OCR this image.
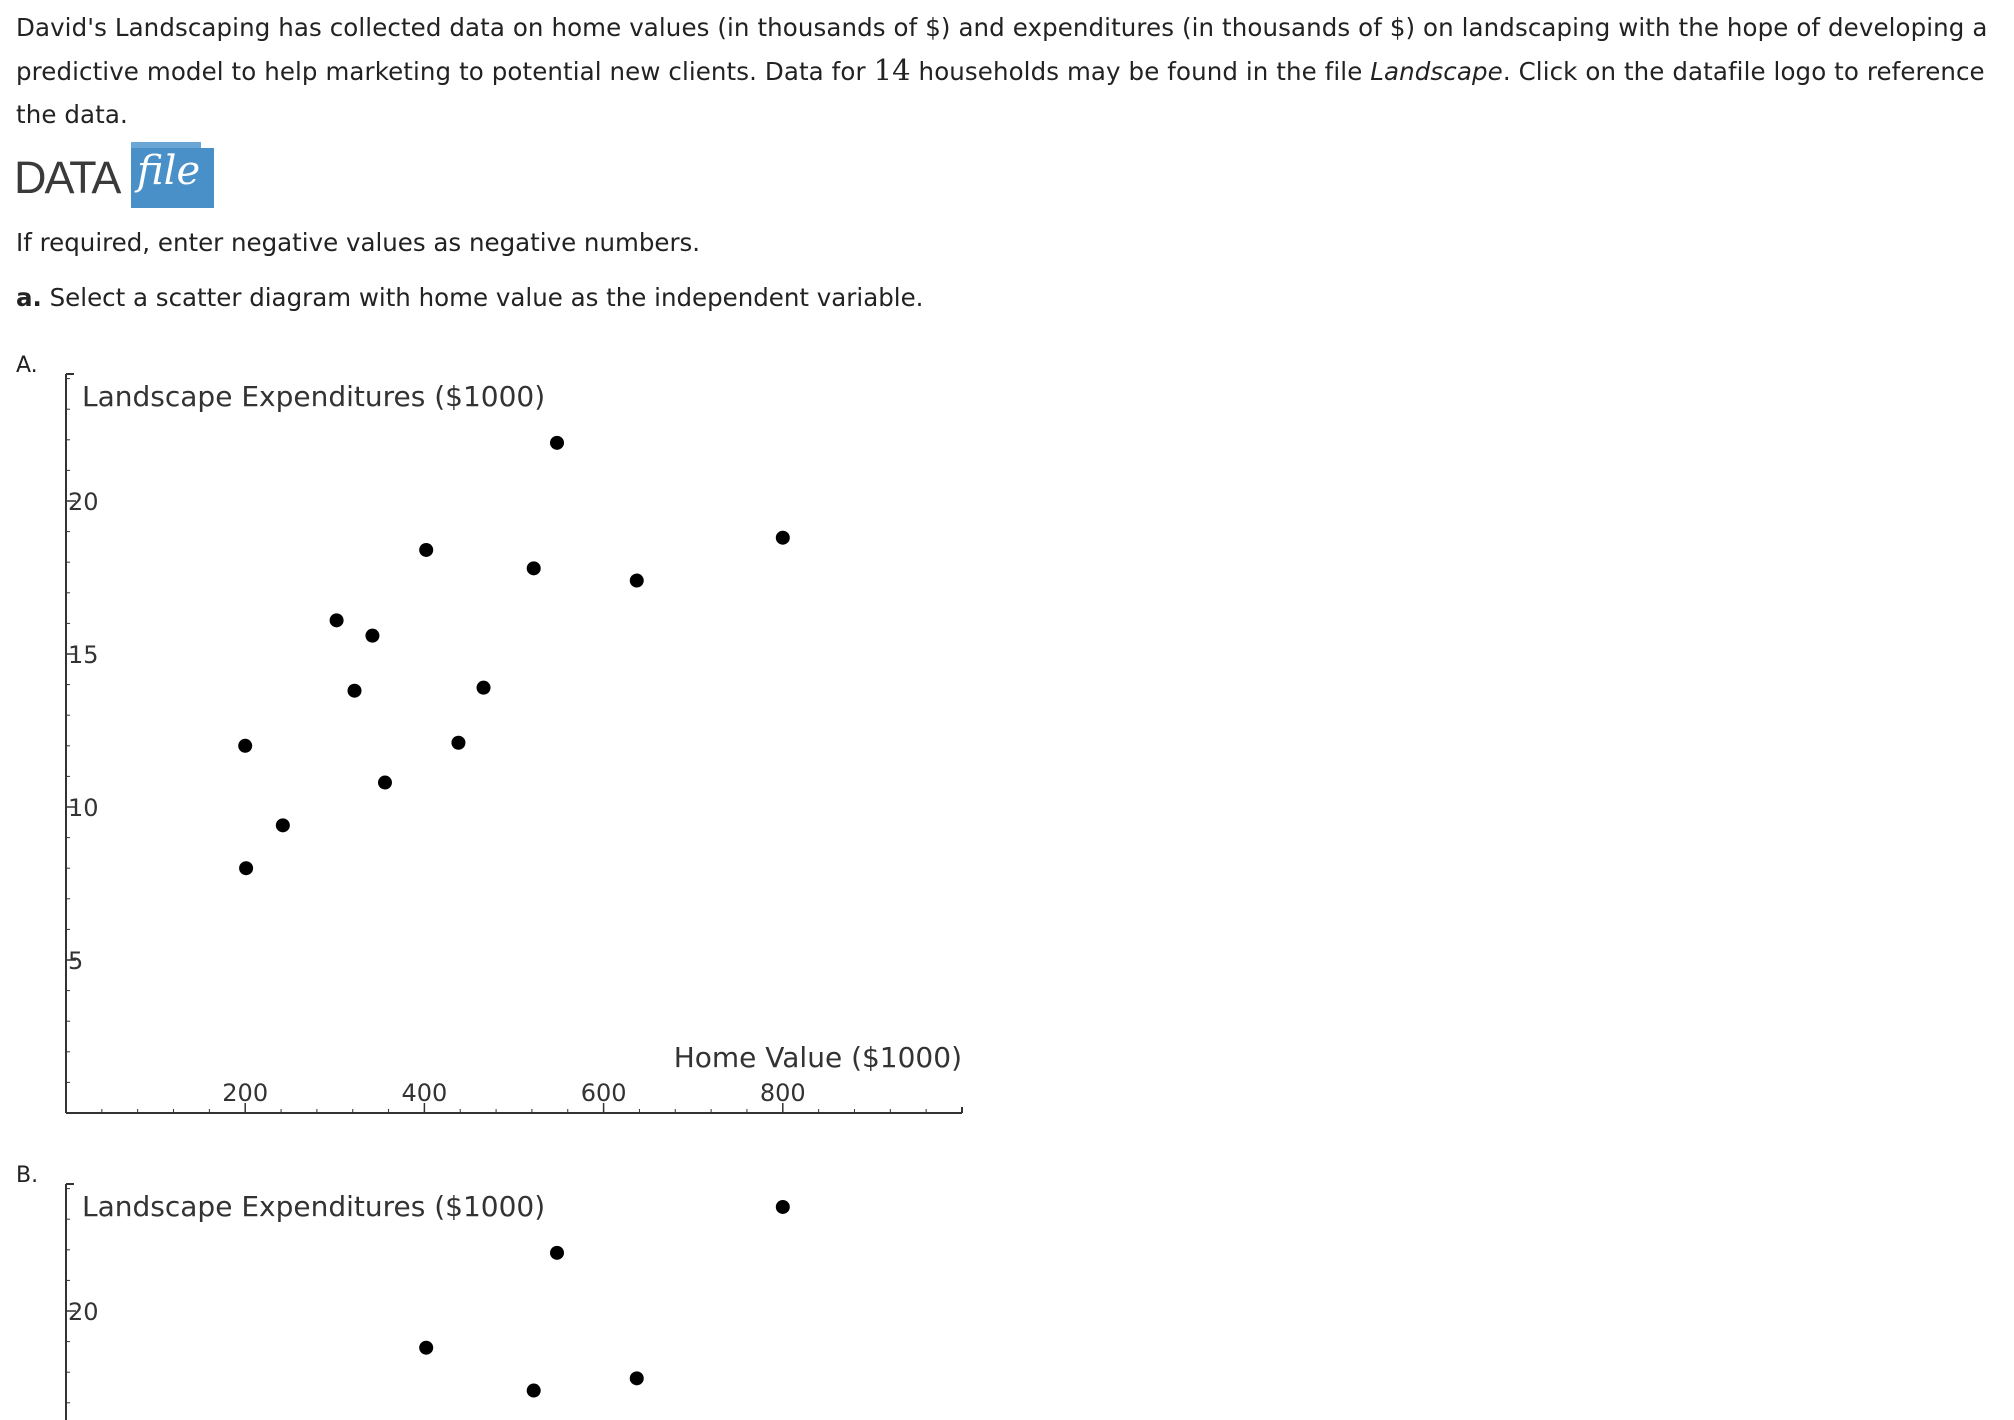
David's Landscaping has collected data on home values (in thousands of $) and expenditures (in thousands of $) on landscaping with the hope of developing a predictive model to help marketing to potential new clients. Data for 14 households may be found in the file Landscape. Click on the datafile logo to reference the data.

DATA file

If required, enter negative values as negative numbers.

a. Select a scatter diagram with home value as the independent variable.

A.
Landscape Expenditures ($1000)
5
10
15
20
200	400	600	800
Home Value ($1000)
B.
Landscape Expenditures ($1000)
20
